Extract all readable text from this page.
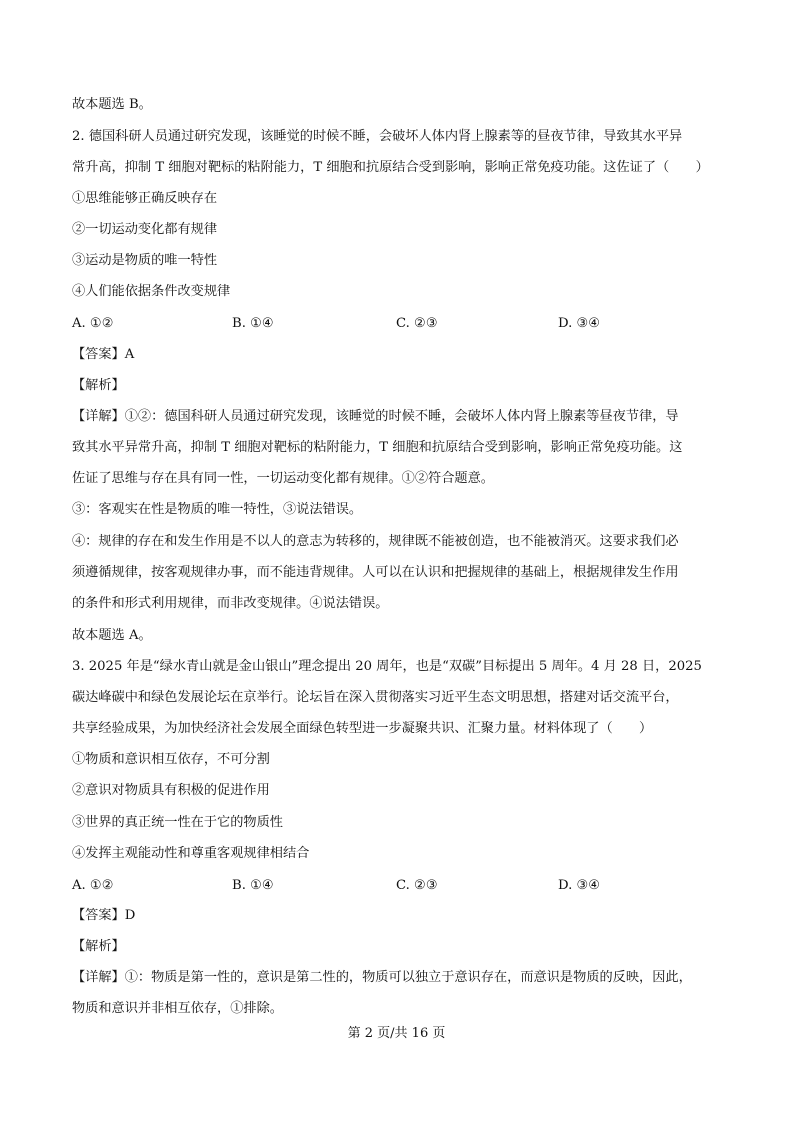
故本题选 B。
2. 德国科研人员通过研究发现，该睡觉的时候不睡，会破坏人体内肾上腺素等的昼夜节律，导致其水平异
常升高，抑制 T 细胞对靶标的粘附能力，T 细胞和抗原结合受到影响，影响正常免疫功能。这佐证了（　　）
①思维能够正确反映存在
②一切运动变化都有规律
③运动是物质的唯一特性
④人们能依据条件改变规律
A. ①②	B. ①④	C. ②③	D. ③④
【答案】A
【解析】
【详解】①②：德国科研人员通过研究发现，该睡觉的时候不睡，会破坏人体内肾上腺素等昼夜节律，导
致其水平异常升高，抑制 T 细胞对靶标的粘附能力，T 细胞和抗原结合受到影响，影响正常免疫功能。这
佐证了思维与存在具有同一性，一切运动变化都有规律。①②符合题意。
③：客观实在性是物质的唯一特性，③说法错误。
④：规律的存在和发生作用是不以人的意志为转移的，规律既不能被创造，也不能被消灭。这要求我们必
须遵循规律，按客观规律办事，而不能违背规律。人可以在认识和把握规律的基础上，根据规律发生作用
的条件和形式利用规律，而非改变规律。④说法错误。
故本题选 A。
3. 2025 年是“绿水青山就是金山银山”理念提出 20 周年，也是“双碳”目标提出 5 周年。4 月 28 日，2025
碳达峰碳中和绿色发展论坛在京举行。论坛旨在深入贯彻落实习近平生态文明思想，搭建对话交流平台，
共享经验成果，为加快经济社会发展全面绿色转型进一步凝聚共识、汇聚力量。材料体现了（　　）
①物质和意识相互依存，不可分割
②意识对物质具有积极的促进作用
③世界的真正统一性在于它的物质性
④发挥主观能动性和尊重客观规律相结合
A. ①②	B. ①④	C. ②③	D. ③④
【答案】D
【解析】
【详解】①：物质是第一性的，意识是第二性的，物质可以独立于意识存在，而意识是物质的反映，因此，
物质和意识并非相互依存，①排除。
第 2 页/共 16 页
